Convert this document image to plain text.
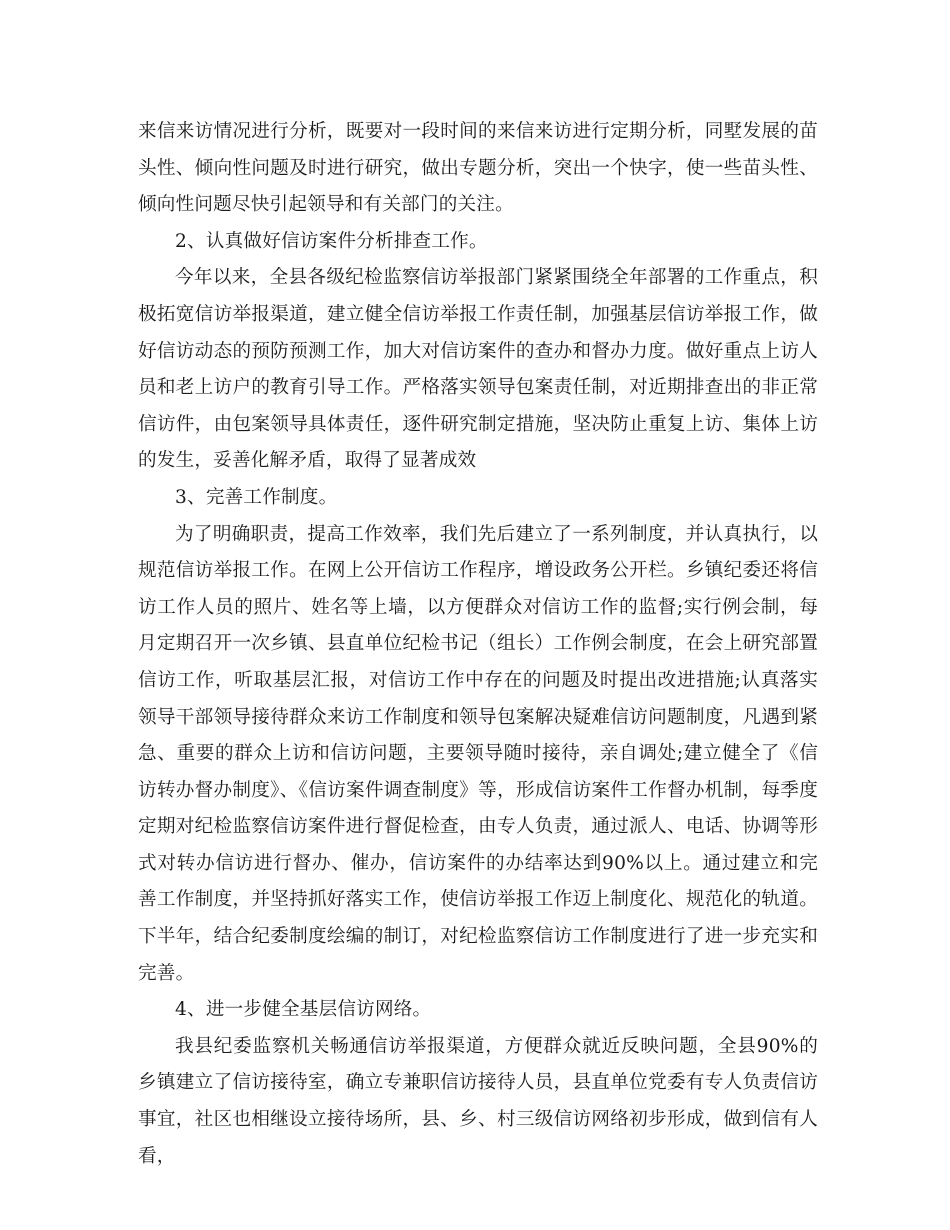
来信来访情况进行分析，既要对一段时间的来信来访进行定期分析，同墅发展的苗头性、倾向性问题及时进行研究，做出专题分析，突出一个快字，使一些苗头性、倾向性问题尽快引起领导和有关部门的关注。

2、认真做好信访案件分析排查工作。

今年以来，全县各级纪检监察信访举报部门紧紧围绕全年部署的工作重点，积极拓宽信访举报渠道，建立健全信访举报工作责任制，加强基层信访举报工作，做好信访动态的预防预测工作，加大对信访案件的查办和督办力度。做好重点上访人员和老上访户的教育引导工作。严格落实领导包案责任制，对近期排查出的非正常信访件，由包案领导具体责任，逐件研究制定措施，坚决防止重复上访、集体上访的发生，妥善化解矛盾，取得了显著成效

3、完善工作制度。

为了明确职责，提高工作效率，我们先后建立了一系列制度，并认真执行，以规范信访举报工作。在网上公开信访工作程序，增设政务公开栏。乡镇纪委还将信访工作人员的照片、姓名等上墙，以方便群众对信访工作的监督;实行例会制，每月定期召开一次乡镇、县直单位纪检书记（组长）工作例会制度，在会上研究部置信访工作，听取基层汇报，对信访工作中存在的问题及时提出改进措施;认真落实领导干部领导接待群众来访工作制度和领导包案解决疑难信访问题制度，凡遇到紧急、重要的群众上访和信访问题，主要领导随时接待，亲自调处;建立健全了《信访转办督办制度》、《信访案件调查制度》等，形成信访案件工作督办机制，每季度定期对纪检监察信访案件进行督促检查，由专人负责，通过派人、电话、协调等形式对转办信访进行督办、催办，信访案件的办结率达到90%以上。通过建立和完善工作制度，并坚持抓好落实工作，使信访举报工作迈上制度化、规范化的轨道。下半年，结合纪委制度绘编的制订，对纪检监察信访工作制度进行了进一步充实和完善。

4、进一步健全基层信访网络。

我县纪委监察机关畅通信访举报渠道，方便群众就近反映问题，全县90%的乡镇建立了信访接待室，确立专兼职信访接待人员，县直单位党委有专人负责信访事宜，社区也相继设立接待场所，县、乡、村三级信访网络初步形成，做到信有人看，
